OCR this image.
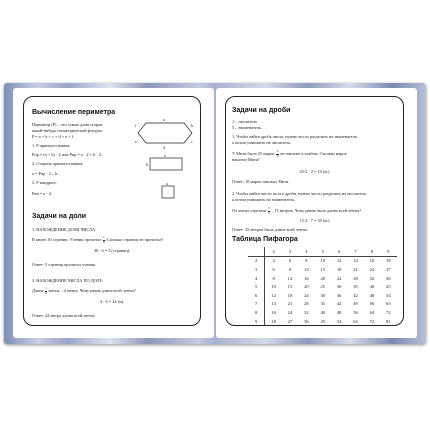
Вычисление периметра

Периметр (P) – это сумма длин сторон

какой-нибудь геометрической фигуры:

P = a + b + c + d + e + f.

a
b
c
d
e
f

1. P прямоугольника:

Pпр = (a + b) · 2 или Pпр = a · 2 + b · 2.

2. Сторона прямоугольника:

a = Pпр : 2 – b.

a
b

3. P квадрата:

Pкв = a · 4.

a

Задачи на доли

1. НАХОЖДЕНИЕ ДОЛИ ЧИСЛА

В книге 30 страниц. Ученик прочитал $\frac{1}{6}$ . Сколько страниц он прочитал?

30 : 6 = 5 (страниц).

Ответ: 5 страниц прочитал ученик.

2. НАХОЖДЕНИЕ ЧИСЛА ПО ДОЛЕ

Длина $\frac{1}{6}$ ленты – 4 метра. Чему равна длина всей ленты?

4 · 6 = 24 (м).

Ответ: 24 метра длина всей ленты.

Задачи на дроби

1 – числитель.

5 – знаменатель.

1. Чтобы найти дробь числа, нужно число разделить на знаменатель,

а потом умножить на числитель.

У Мити было 25 марок. $\frac{2}{5}$ он наклеил в альбом. Сколько марок

наклеил Митя?

25:5 · 2 = 10 (м.)

Ответ: 10 марок наклеил Митя.

2. Чтобы найти число по его дроби, нужно число разделить на числитель,

а потом умножить на знаменатель.

От ленты отрезали $\frac{3}{7} - 15$ метров. Чему равна была длина всей ленты?

15:3 · 7 = 35 (м.)

Ответ: 35 метров была длина всей ленты.

Таблица Пифагора

	2	3	4	5	6	7	8	9
2	4	6	8	10	12	14	16	18
3	6	9	12	15	18	21	24	27
4	8	12	16	20	24	28	32	36
5	10	15	20	25	30	35	40	45
6	12	18	24	30	36	42	48	54
7	14	21	28	35	42	49	56	63
8	16	24	32	40	48	56	64	72
9	18	27	36	45	54	63	72	81
